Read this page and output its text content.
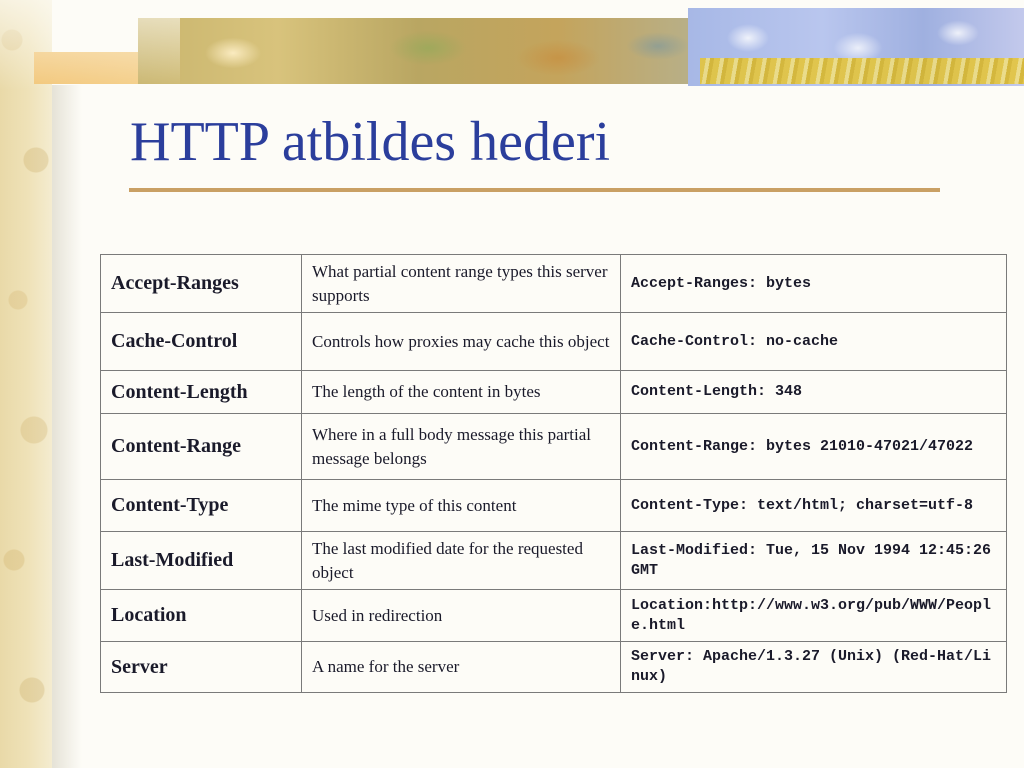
HTTP atbildes hederi
Accept-Ranges	What partial content range types this server supports	Accept-Ranges: bytes
Cache-Control	Controls how proxies may cache this object	Cache-Control: no-cache
Content-Length	The length of the content in bytes	Content-Length: 348
Content-Range	Where in a full body message this partial message belongs	Content-Range: bytes 21010-47021/47022
Content-Type	The mime type of this content	Content-Type: text/html; charset=utf-8
Last-Modified	The last modified date for the requested object	Last-Modified: Tue, 15 Nov 1994 12:45:26 GMT
Location	Used in redirection	Location:http://www.w3.org/pub/WWW/People.html
Server	A name for the server	Server: Apache/1.3.27 (Unix) (Red-Hat/Linux)
